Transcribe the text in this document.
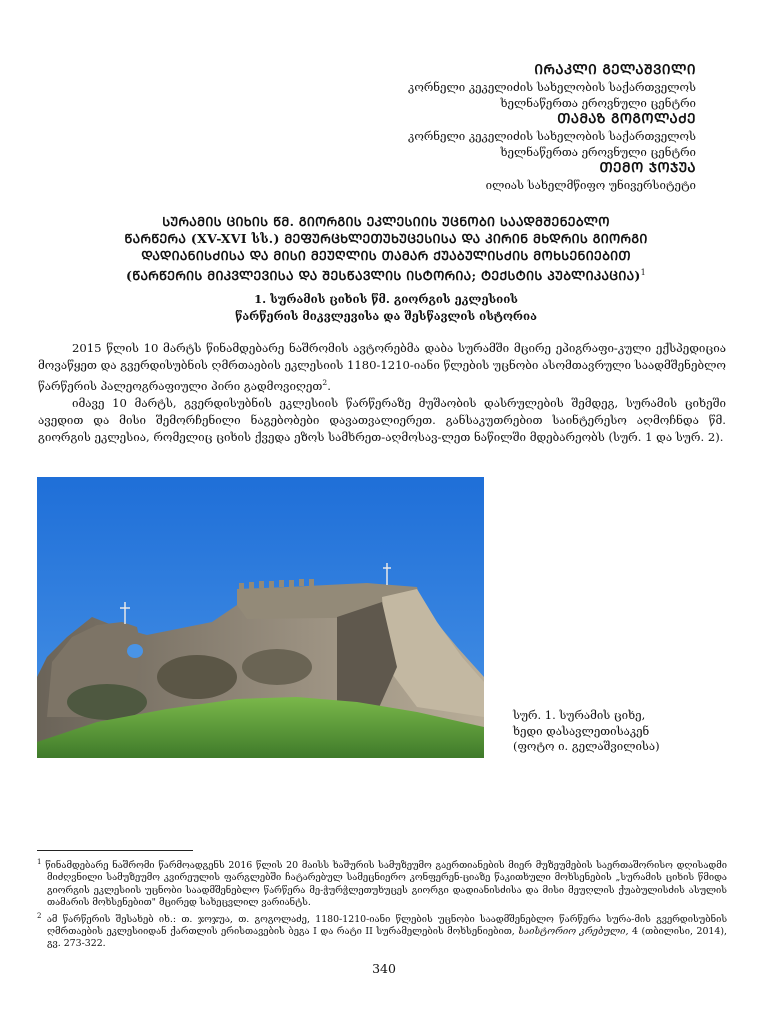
ᲘᲠᲐᲙᲚᲘ ᲒᲔᲚᲐᲨᲕᲘᲚᲘ
კორნელი კეკელიძის სახელობის საქართველოს
ხელნაწერთა ეროვნული ცენტრი
ᲗᲐᲛᲐᲖ ᲒᲝᲒᲝᲚᲐᲫᲔ
კორნელი კეკელიძის სახელობის საქართველოს
ხელნაწერთა ეროვნული ცენტრი
ᲗᲔᲛᲝ ᲯᲝᲯᲣᲐ
ილიას სახელმწიფო უნივერსიტეტი
ᲡᲣᲠᲐᲛᲘᲡ ᲪᲘᲮᲘᲡ ᲬᲛ. ᲒᲘᲝᲠᲒᲘᲡ ᲔᲙᲚᲔᲡᲘᲘᲡ ᲣᲪᲜᲝᲑᲘ ᲡᲐᲐᲓᲛᲨᲔᲜᲔᲑᲚᲝ
ᲬᲐᲠᲬᲔᲠᲐ (XV-XVI სს.) ᲛᲔᲤᲣᲠᲪᲮᲚᲔᲗᲣᲮᲣᲪᲔᲡᲘᲡᲐ ᲓᲐ ᲙᲘᲠᲘᲜ ᲛᲮᲓᲠᲘᲡ ᲒᲘᲝᲠᲒᲘ
ᲓᲐᲓᲘᲐᲜᲘᲡᲫᲘᲡᲐ ᲓᲐ ᲛᲘᲡᲘ ᲛᲔᲣᲦᲚᲘᲡ ᲗᲐᲛᲐᲠ ᲥᲣᲐᲑᲣᲚᲘᲡᲫᲘᲡ ᲛᲝᲮᲡᲔᲜᲘᲔᲑᲘᲗ
(ᲬᲐᲠᲬᲔᲠᲘᲡ ᲛᲘᲙᲕᲚᲔᲕᲘᲡᲐ ᲓᲐ ᲨᲔᲡᲬᲐᲕᲚᲘᲡ ᲘᲡᲢᲝᲠᲘᲐ; ᲢᲔᲥᲡᲢᲘᲡ ᲞᲣᲑᲚᲘᲙᲐᲪᲘᲐ)$^1$
1. სურამის ციხის წმ. გიორგის ეკლესიის
წარწერის მიკვლევისა და შესწავლის ისტორია

2015 წლის 10 მარტს წინამდებარე ნაშრომის ავტორებმა დაბა სურამში მცირე ეპიგრაფი-კული ექსპედიცია მოვაწყეთ და გვერდისუბნის ღმრთაების ეკლესიის 1180-1210-იანი წლების უცნობი ასომთავრული საადმშენებლო წარწერის პალეოგრაფიული პირი გადმოვიღეთ$^2$.

იმავე 10 მარტს, გვერდისუბნის ეკლესიის წარწერაზე მუშაობის დასრულების შემდეგ, სურამის ციხეში ავედით და მისი შემორჩენილი ნაგებობები დავათვალიერეთ. განსაკუთრებით საინტერესო აღმოჩნდა წმ. გიორგის ეკლესია, რომელიც ციხის ქვედა ეზოს სამხრეთ-აღმოსავ-ლეთ ნაწილში მდებარეობს (სურ. 1 და სურ. 2).

სურ. 1. სურამის ციხე,
ხედი დასავლეთისაკენ
(ფოტო ი. გელაშვილისა)

$^1$ წინამდებარე ნაშრომი წარმოადგენს 2016 წლის 20 მაისს ხაშურის სამუზეუმო გაერთიანების მიერ მუზეუმების საერთაშორისო დღისადმი მიძღვნილი სამუზეუმო კვირეულის ფარგლებში ჩატარებულ სამეცნიერო კონფერენ-ციაზე წაკითხული მოხსენების „სურამის ციხის წმიდა გიორგის ეკლესიის უცნობი საადმშენებლო წარწერა მე-ჭურჭლეთუხუცეს გიორგი დადიანისძისა და მისი მეუღლის ქუაბულისძის ასულის თამარის მოხსენებით" მცირედ სახეცვლილ ვარიანტს.

$^2$ ამ წარწერის შესახებ იხ.: თ. ჯოჯუა, თ. გოგოლაძე, 1180-1210-იანი წლების უცნობი საადმშენებლო წარწერა სურა-მის გვერდისუბნის ღმრთაების ეკლესიიდან ქართლის ერისთავების ბეგა I და რატი II სურამელების მოხსენიებით, საისტორიო კრებული, 4 (თბილისი, 2014), გვ. 273-322.

340
